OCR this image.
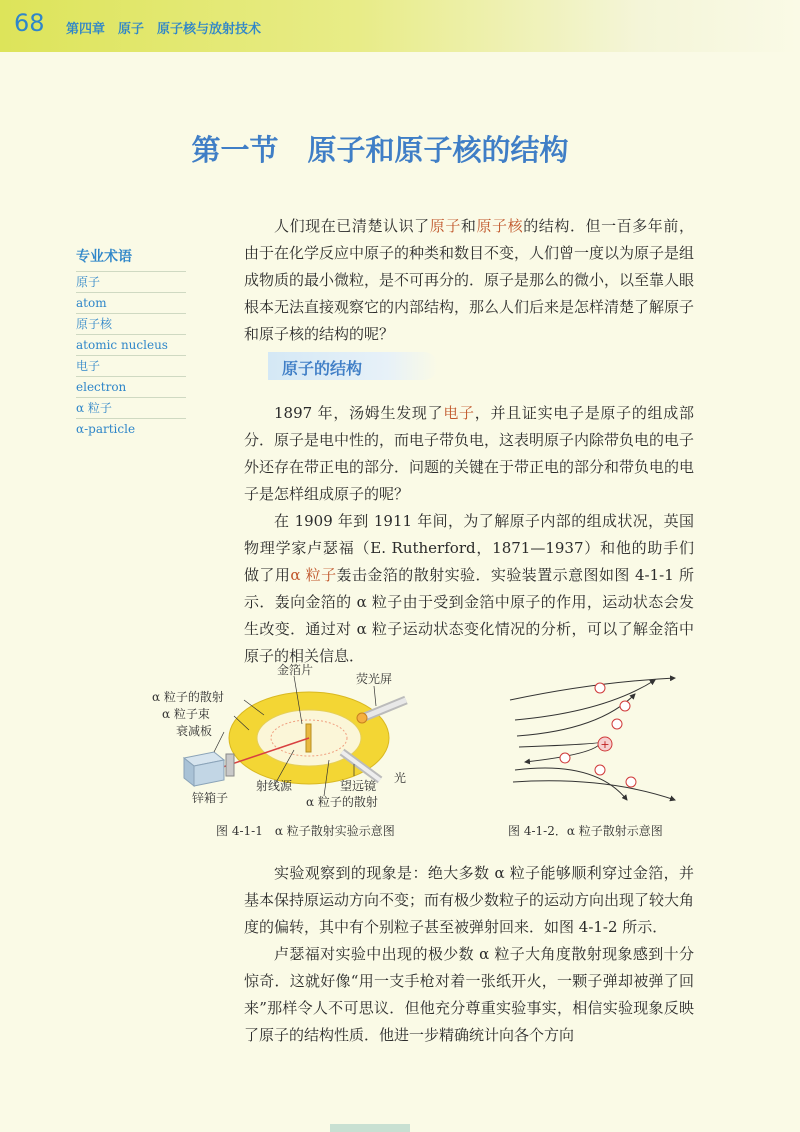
68 第四章　原子　原子核与放射技术
第一节　原子和原子核的结构
专业术语
原子
atom
原子核
atomic nucleus
电子
electron
α 粒子
α-particle

人们现在已清楚认识了原子和原子核的结构．但一百多年前，由于在化学反应中原子的种类和数目不变，人们曾一度以为原子是组成物质的最小微粒，是不可再分的．原子是那么的微小，以至靠人眼根本无法直接观察它的内部结构，那么人们后来是怎样清楚了解原子和原子核的结构的呢？

原子的结构

1897 年，汤姆生发现了电子，并且证实电子是原子的组成部分．原子是电中性的，而电子带负电，这表明原子内除带负电的电子外还存在带正电的部分．问题的关键在于带正电的部分和带负电的电子是怎样组成原子的呢？

在 1909 年到 1911 年间，为了解原子内部的组成状况，英国物理学家卢瑟福（E. Rutherford，1871—1937）和他的助手们做了用α 粒子轰击金箔的散射实验．实验装置示意图如图 4-1-1 所示．轰向金箔的 α 粒子由于受到金箔中原子的作用，运动状态会发生改变．通过对 α 粒子运动状态变化情况的分析，可以了解金箔中原子的相关信息．

金箔片
荧光屏
α 粒子的散射
α 粒子束
衰减板
锌箱子
射线源	望远镜
光
α 粒子的散射
图 4-1-1　α 粒子散射实验示意图
+
图 4-1-2．α 粒子散射示意图

实验观察到的现象是：绝大多数 α 粒子能够顺利穿过金箔，并基本保持原运动方向不变；而有极少数粒子的运动方向出现了较大角度的偏转，其中有个别粒子甚至被弹射回来．如图 4-1-2 所示．

卢瑟福对实验中出现的极少数 α 粒子大角度散射现象感到十分惊奇．这就好像“用一支手枪对着一张纸开火，一颗子弹却被弹了回来”那样令人不可思议．但他充分尊重实验事实，相信实验现象反映了原子的结构性质．他进一步精确统计向各个方向
